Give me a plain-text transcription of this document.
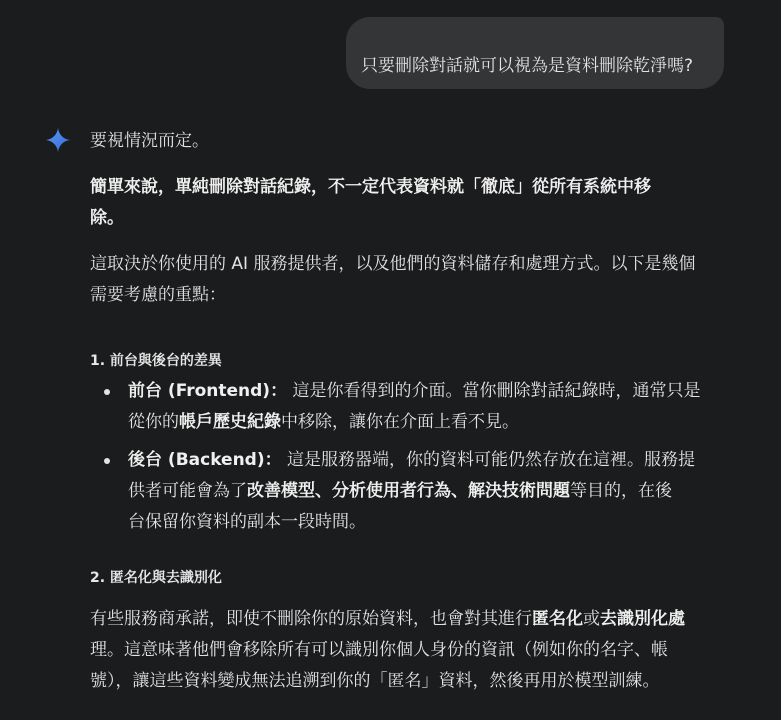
只要刪除對話就可以視為是資料刪除乾淨嗎?

要視情況而定。

簡單來說，單純刪除對話紀錄，不一定代表資料就「徹底」從所有系統中移
除。

這取決於你使用的 AI 服務提供者，以及他們的資料儲存和處理方式。以下是幾個
需要考慮的重點：

1. 前台與後台的差異

前台 (Frontend)： 這是你看得到的介面。當你刪除對話紀錄時，通常只是
從你的帳戶歷史紀錄中移除，讓你在介面上看不見。
後台 (Backend)： 這是服務器端，你的資料可能仍然存放在這裡。服務提
供者可能會為了改善模型、分析使用者行為、解決技術問題等目的，在後
台保留你資料的副本一段時間。

2. 匿名化與去識別化

有些服務商承諾，即使不刪除你的原始資料，也會對其進行匿名化或去識別化處
理。這意味著他們會移除所有可以識別你個人身份的資訊（例如你的名字、帳
號），讓這些資料變成無法追溯到你的「匿名」資料，然後再用於模型訓練。
